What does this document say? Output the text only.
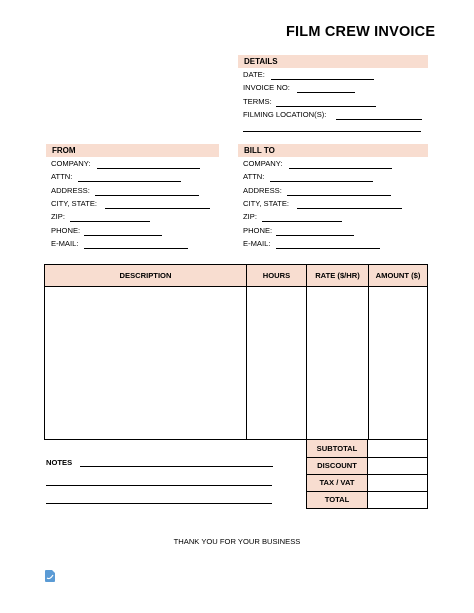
FILM CREW INVOICE
DETAILS
DATE:
INVOICE NO:
TERMS:
FILMING LOCATION(S):
FROM
COMPANY:
ATTN:
ADDRESS:
CITY, STATE:
ZIP:
PHONE:
E-MAIL:
BILL TO
COMPANY:
ATTN:
ADDRESS:
CITY, STATE:
ZIP:
PHONE:
E-MAIL:
DESCRIPTION	HOURS	RATE ($/HR)	AMOUNT ($)
SUBTOTAL
DISCOUNT
TAX / VAT
TOTAL
NOTES
THANK YOU FOR YOUR BUSINESS
